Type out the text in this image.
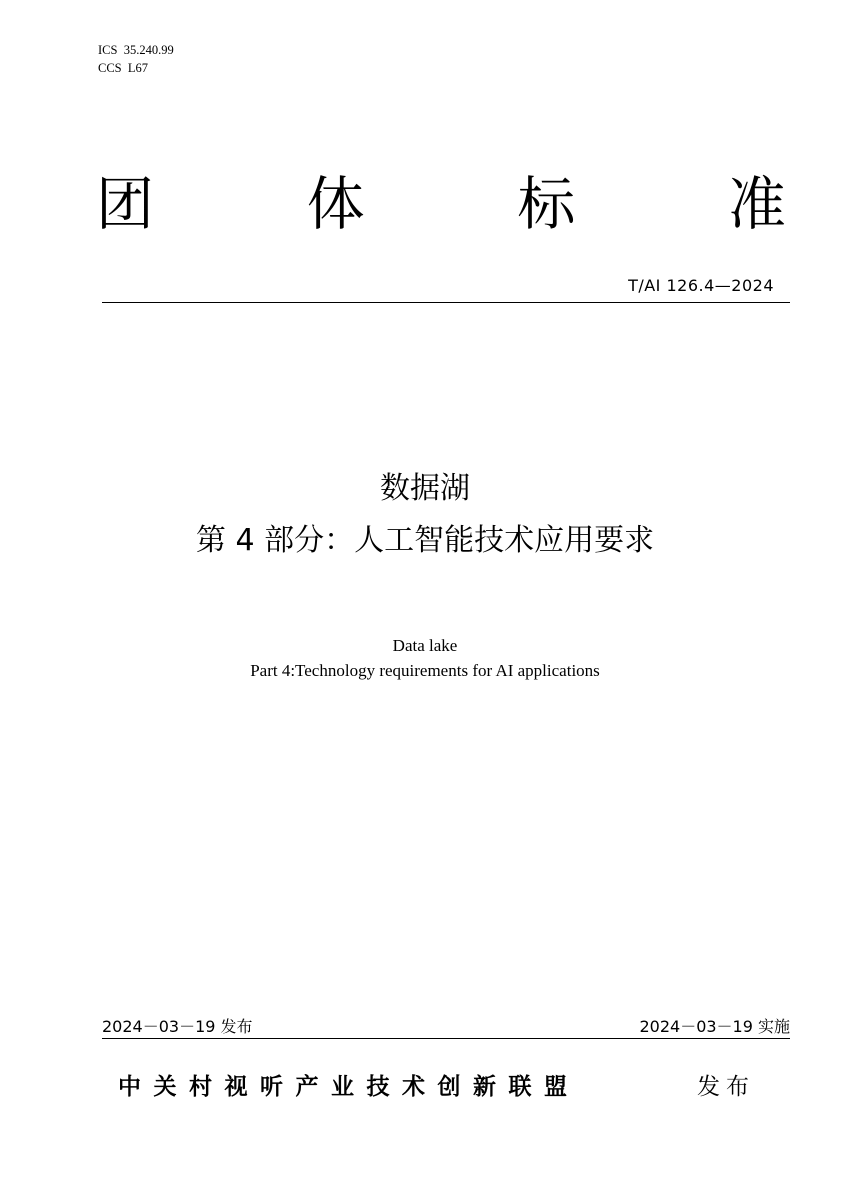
ICS  35.240.99
CCS  L67
团	体	标	准
T/AI 126.4—2024
数据湖
第 4 部分：人工智能技术应用要求
Data lake
Part 4:Technology requirements for AI applications
2024－03－19 发布	2024－03－19 实施
中关村视听产业技术创新联盟	发布
